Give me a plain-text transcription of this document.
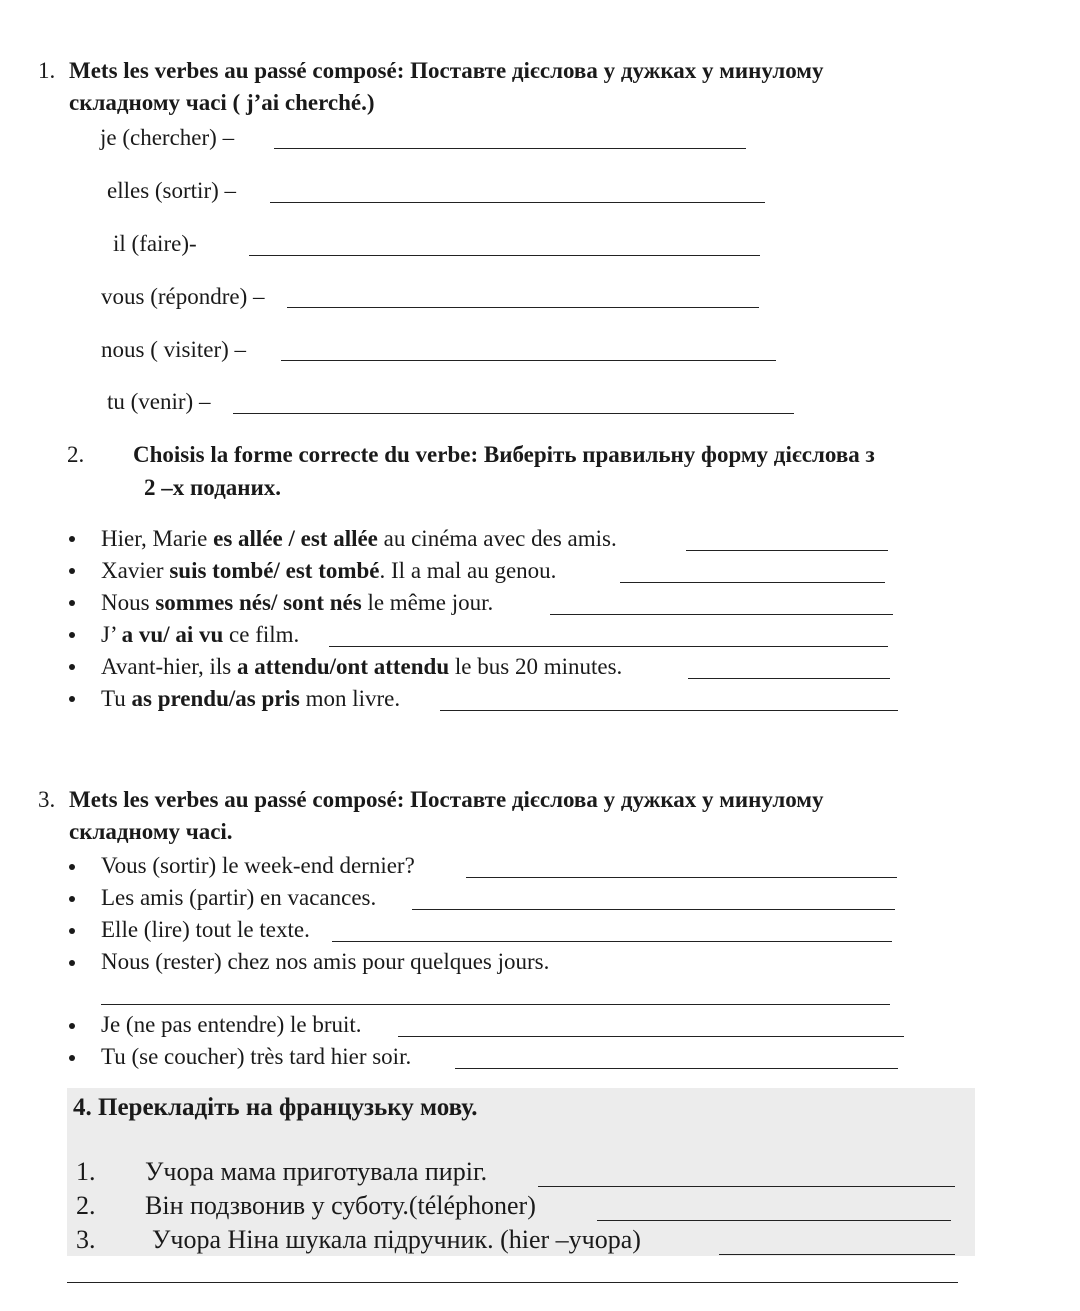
1. Mets les verbes au passé composé: Поставте дієслова у дужках у минулому
складному часі ( j’ai cherché.)
je (chercher) –
elles (sortir) –
il (faire)-
vous (répondre) –
nous ( visiter) –
tu (venir) –
2. Choisis la forme correcte du verbe: Виберіть правильну форму дієслова з
2 –х поданих.
Hier, Marie es allée / est allée au cinéma avec des amis.
Xavier suis tombé/ est tombé. Il a mal au genou.
Nous sommes nés/ sont nés le même jour.
J’ a vu/ ai vu ce film.
Avant-hier, ils a attendu/ont attendu le bus 20 minutes.
Tu as prendu/as pris mon livre.
3. Mets les verbes au passé composé: Поставте дієслова у дужках у минулому
складному часі.
Vous (sortir) le week-end dernier?
Les amis (partir) en vacances.
Elle (lire) tout le texte.
Nous (rester) chez nos amis pour quelques jours.
Je (ne pas entendre) le bruit.
Tu (se coucher) très tard hier soir.
4. Перекладіть на французьку мову.
1. Учора мама приготувала пиріг.
2. Він подзвонив у суботу.(téléphoner)
3. Учора Ніна шукала підручник. (hier –учора)
